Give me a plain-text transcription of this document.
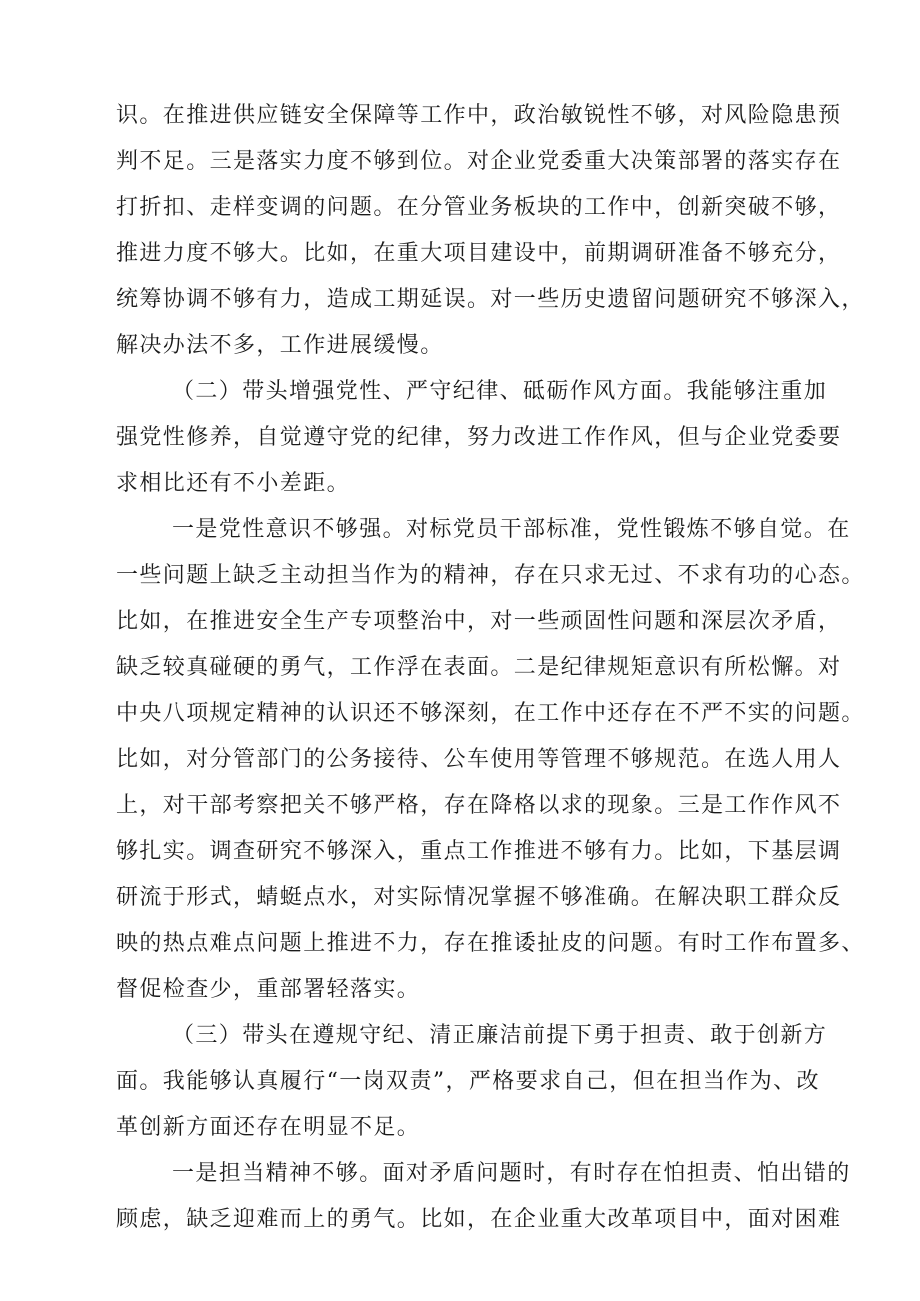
识。在推进供应链安全保障等工作中，政治敏锐性不够，对风险隐患预
判不足。三是落实力度不够到位。对企业党委重大决策部署的落实存在
打折扣、走样变调的问题。在分管业务板块的工作中，创新突破不够，
推进力度不够大。比如，在重大项目建设中，前期调研准备不够充分，
统筹协调不够有力，造成工期延误。对一些历史遗留问题研究不够深入，
解决办法不多，工作进展缓慢。
（二）带头增强党性、严守纪律、砥砺作风方面。我能够注重加
强党性修养，自觉遵守党的纪律，努力改进工作作风，但与企业党委要
求相比还有不小差距。
一是党性意识不够强。对标党员干部标准，党性锻炼不够自觉。在
一些问题上缺乏主动担当作为的精神，存在只求无过、不求有功的心态。
比如，在推进安全生产专项整治中，对一些顽固性问题和深层次矛盾，
缺乏较真碰硬的勇气，工作浮在表面。二是纪律规矩意识有所松懈。对
中央八项规定精神的认识还不够深刻，在工作中还存在不严不实的问题。
比如，对分管部门的公务接待、公车使用等管理不够规范。在选人用人
上，对干部考察把关不够严格，存在降格以求的现象。三是工作作风不
够扎实。调查研究不够深入，重点工作推进不够有力。比如，下基层调
研流于形式，蜻蜓点水，对实际情况掌握不够准确。在解决职工群众反
映的热点难点问题上推进不力，存在推诿扯皮的问题。有时工作布置多、
督促检查少，重部署轻落实。
（三）带头在遵规守纪、清正廉洁前提下勇于担责、敢于创新方
面。我能够认真履行“一岗双责”，严格要求自己，但在担当作为、改
革创新方面还存在明显不足。
一是担当精神不够。面对矛盾问题时，有时存在怕担责、怕出错的
顾虑，缺乏迎难而上的勇气。比如，在企业重大改革项目中，面对困难
